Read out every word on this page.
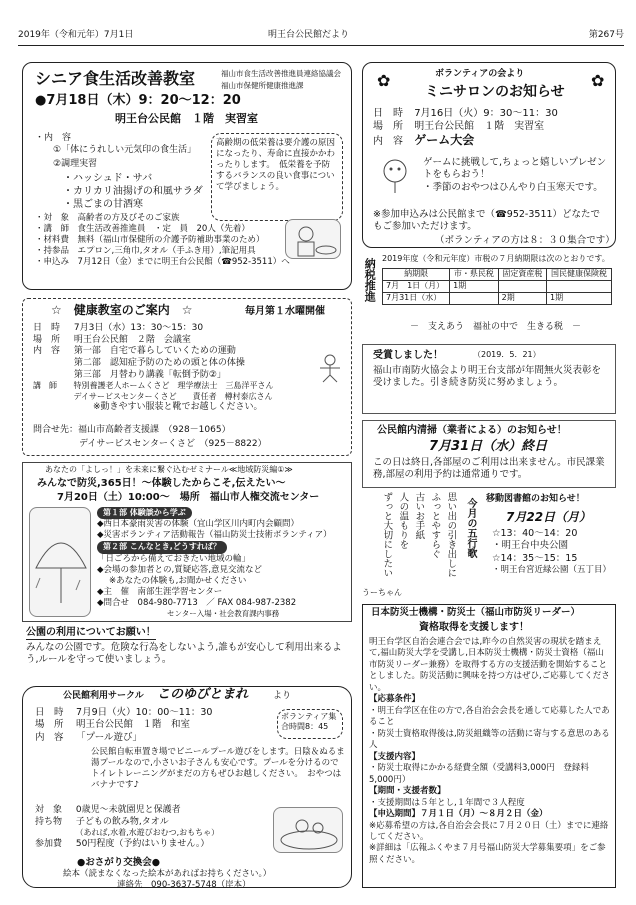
2019年（令和元年）7月1日	明王台公民館だより	第267号
シニア食生活改善教室	福山市食生活改善推進員連絡協議会
福山市保健所健康推進課
●7月18日（木）9：20～12：20
明王台公民館　１階　実習室
・内　容
①「体にうれしい元気印の食生活」
②調理実習
・ハッシュド・サバ
・カリカリ油揚げの和風サラダ
・黒ごまの甘酒寒
高齢期の低栄養は要介護の原因になったり、寿命に直接かかわったりします。　低栄養を予防するバランスの良い食事について学びましょう。
・対　象　高齢者の方及びそのご家族
・講　師　食生活改善推進員　・定　員　20人（先着）
・材料費　無料（福山市保健所の介護予防補助事業のため）
・持参品　エプロン,三角巾,タオル（手ふき用）,筆記用具
・申込み　7月12日（金）までに明王台公民館（☎952-3511）へ
✿	✿
ボランティアの会より
ミニサロンのお知らせ
日　時 7月16日（火）9：30～11：30
場　所 明王台公民館　１階　実習室
内　容 ゲーム大会
ゲームに挑戦して,ちょっと嬉しいプレゼントをもらおう！
・季節のおやつはひんやり白玉寒天です。
※参加申込みは公民館まで（☎952-3511）どなたでもご参加いただけます。
（ボランティアの方は８：３０集合です）
納税推進 2019年度（令和元年度）市税の７月納期限は次のとおりです。
納期限	市・県民税	固定資産税	国民健康保険税
7月　1日（月）	1期		
7月31日（水）		2期	1期
－　支えあう　福祉の中で　生きる税　－
受賞しました！	（2019．5．21）
福山市南防火協会より明王台支部が年間無火災表彰を受けました。引き続き防災に努めましょう。
公民館内清掃（業者による）のお知らせ！
7月31日（水）終日
この日は終日,各部屋のご利用は出来ません。市民課業務,部屋の利用予約は通常通りです。
☆　健康教室のご案内　☆	毎月第１水曜開催
日　時 7月3日（水）13：30～15：30
場　所 明王台公民館　２階　会議室
内　容 第一部　自宅で暮らしていくための運動
第二部　認知症予防のための頭と体の体操
第三部　月替わり講義「転倒予防②」
講　師 特別養護老人ホームくさど　理学療法士　三島洋平さん
デイサービスセンターくさど　　責任者　樽村泰広さん
※動きやすい服装と靴でお越しください。
問合せ先：福山市高齢者支援課　（928－1065）
デイサービスセンターくさど　（925－8822）
あなたの「よしっ！」を未来に繋ぐ込むゼミナール≪地域防災編①≫
みんなで防災,365日！～体験したからこそ,伝えたい～
7月20日（土）10:00～　場所　福山市人権交流センター
第１部 体験談から学ぶ
◆西日本豪雨災害の体験（宜山学区川内町内会顧問）
◆災害ボランティア活動報告（福山防災士技術ボランティア）
第２部 こんなとき,どうすれば？
「日ごろから備えておきたい地域の輪」
◆会場の参加者との,質疑応答,意見交流など
※あなたの体験も,お聞かせください
◆主　催　南部生涯学習センター
◆問合せ　084-980-7713　／ FAX 084-987-2382
センター入場・社会教育課内事務
今月の五行歌
思い出の引き出しに
ふっとやすらぐ
古いお手紙
人の温もりを
ずっと大切にしたい
うーちゃん
移動図書館のお知らせ！
7月22日（月）
☆13：40～14：20
・明王台中央公園
☆14：35～15：15
・明王台宮近緑公園（五丁目）
公園の利用についてお願い！
みんなの公園です。危険な行為をしないよう,誰もが安心して利用出来るよう,ルールを守って使いましょう。
公民館利用サークル このゆびとまれ	より
日　時 7月9日（火）10：00～11：30
場　所 明王台公民館　１階　和室
内　容 「プール遊び」
ボランティア集合時間8：45
公民館自転車置き場でビニールプール遊びをします。日陰＆ぬるま湯プールなので,小さいお子さんも安心です。プールを分けるのでトイレトレーニングがまだの方もぜひお越しください。　おやつはバナナです♪
対　象 0歳児～未就園児と保護者
持ち物 子どもの飲み物,タオル
（あれば,水着,水遊びおむつ,おもちゃ）
参加費 50円程度（予約はいりません。）
●おさがり交換会●
絵本（読まなくなった絵本があればお持ちください。）
連絡先　090-3637-5748（岸本）
日本防災士機構・防災士（福山市防災リーダー）
資格取得を支援します！
明王台学区自治会連合会では,昨今の自然災害の現状を踏まえて,福山防災大学を受講し,日本防災士機構・防災士資格（福山市防災リーダー兼務）を取得する方の支援活動を開始することとしました。防災活動に興味を持つ方はぜひ,ご応募してください。
【応募条件】
・明王台学区在住の方で,各自治会会長を通して応募した人であること
・防災士資格取得後は,防災組織等の活動に寄与する意思のある人
【支援内容】
・防災士取得にかかる経費全額（受講料3,000円　登録料5,000円）
【期間・支援者数】
・支援期間は５年とし,１年間で３人程度
【申込期間】７月１日（月）～８月２日（金）
※応募希望の方は,各自治会会長に７月２０日（土）までに連絡してください。
※詳細は「広報ふくやま７月号福山防災大学募集要項」をご参照ください。
